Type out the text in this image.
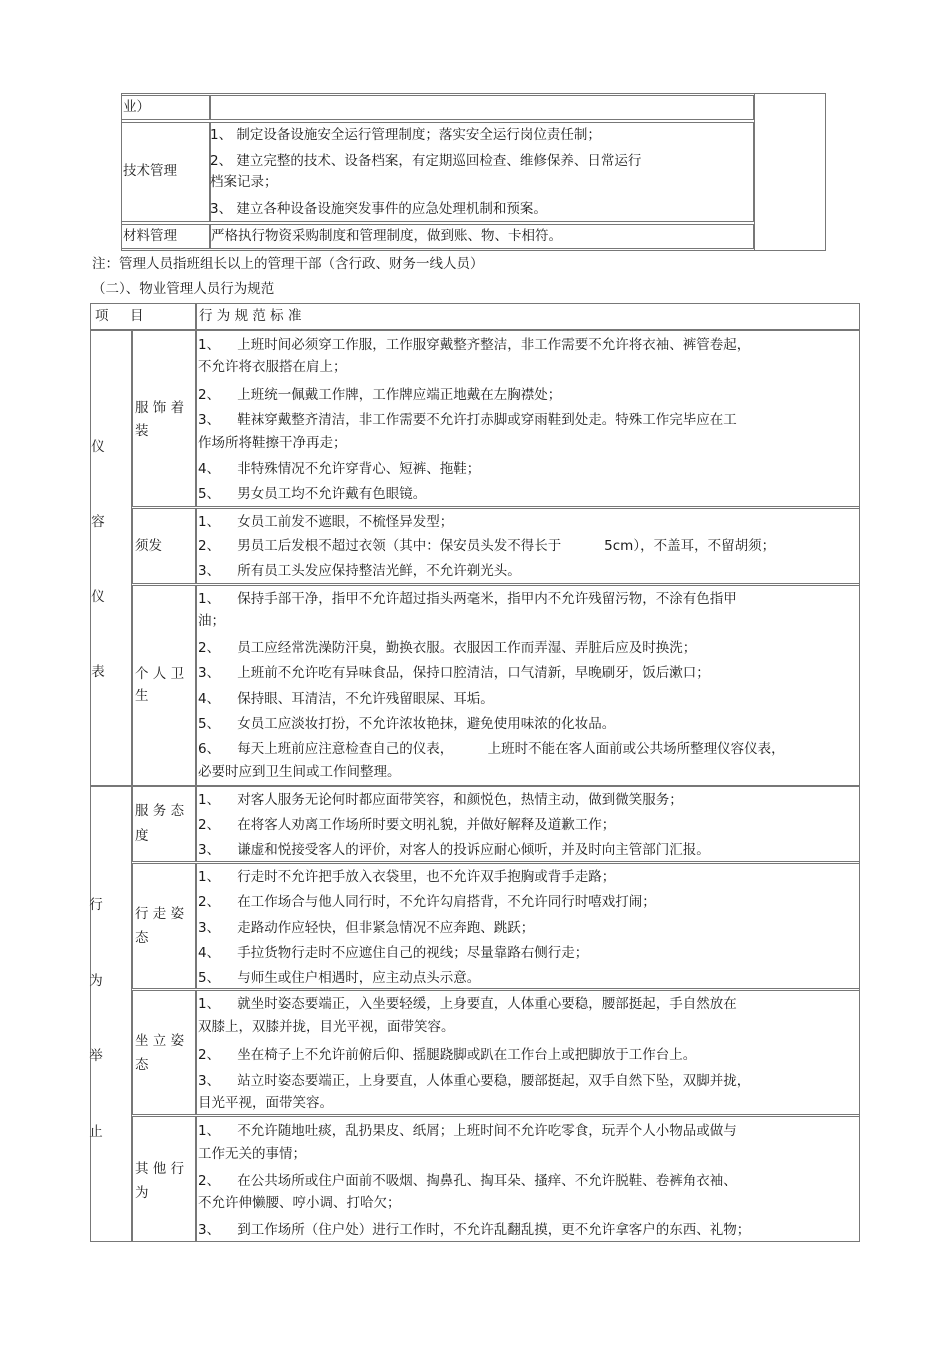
业）
技术管理
1、 制定设备设施安全运行管理制度；落实安全运行岗位责任制；
2、 建立完整的技术、设备档案，有定期巡回检查、维修保养、日常运行
档案记录；
3、 建立各种设备设施突发事件的应急处理机制和预案。
材料管理	严格执行物资采购制度和管理制度，做到账、物、卡相符。
注：管理人员指班组长以上的管理干部（含行政、财务一线人员）
（二）、物业管理人员行为规范
项     目	行 为 规 范 标 准
仪
容
仪
表
服 饰 着
装
1、    上班时间必须穿工作服，工作服穿戴整齐整洁，非工作需要不允许将衣袖、裤管卷起，
不允许将衣服搭在肩上；
2、    上班统一佩戴工作牌，工作牌应端正地戴在左胸襟处；
3、    鞋袜穿戴整齐清洁，非工作需要不允许打赤脚或穿雨鞋到处走。特殊工作完毕应在工
作场所将鞋擦干净再走；
4、    非特殊情况不允许穿背心、短裤、拖鞋；
5、    男女员工均不允许戴有色眼镜。
须发
1、    女员工前发不遮眼，不梳怪异发型；
2、    男员工后发根不超过衣领（其中：保安员头发不得长于          5cm），不盖耳，不留胡须；
3、    所有员工头发应保持整洁光鲜，不允许剃光头。
个 人 卫
生
1、    保持手部干净，指甲不允许超过指头两毫米，指甲内不允许残留污物，不涂有色指甲
油；
2、    员工应经常洗澡防汗臭，勤换衣服。衣服因工作而弄湿、弄脏后应及时换洗；
3、    上班前不允许吃有异味食品，保持口腔清洁，口气清新，早晚刷牙，饭后漱口；
4、    保持眼、耳清洁，不允许残留眼屎、耳垢。
5、    女员工应淡妆打扮，不允许浓妆艳抹，避免使用味浓的化妆品。
6、    每天上班前应注意检查自己的仪表，        上班时不能在客人面前或公共场所整理仪容仪表，
必要时应到卫生间或工作间整理。
行
为
举
止
服 务 态
度
1、    对客人服务无论何时都应面带笑容，和颜悦色，热情主动，做到微笑服务；
2、    在将客人劝离工作场所时要文明礼貌，并做好解释及道歉工作；
3、    谦虚和悦接受客人的评价，对客人的投诉应耐心倾听，并及时向主管部门汇报。
行 走 姿
态
1、    行走时不允许把手放入衣袋里，也不允许双手抱胸或背手走路；
2、    在工作场合与他人同行时，不允许勾肩搭背，不允许同行时嘻戏打闹；
3、    走路动作应轻快，但非紧急情况不应奔跑、跳跃；
4、    手拉货物行走时不应遮住自己的视线；尽量靠路右侧行走；
5、    与师生或住户相遇时，应主动点头示意。
坐 立 姿
态
1、    就坐时姿态要端正，入坐要轻缓，上身要直，人体重心要稳，腰部挺起，手自然放在
双膝上，双膝并拢，目光平视，面带笑容。
2、    坐在椅子上不允许前俯后仰、摇腿跷脚或趴在工作台上或把脚放于工作台上。
3、    站立时姿态要端正，上身要直，人体重心要稳，腰部挺起，双手自然下坠，双脚并拢，
目光平视，面带笑容。
其 他 行
为
1、    不允许随地吐痰，乱扔果皮、纸屑；上班时间不允许吃零食，玩弄个人小物品或做与
工作无关的事情；
2、    在公共场所或住户面前不吸烟、掏鼻孔、掏耳朵、搔痒、不允许脱鞋、卷裤角衣袖、
不允许伸懒腰、哼小调、打哈欠；
3、    到工作场所（住户处）进行工作时，不允许乱翻乱摸，更不允许拿客户的东西、礼物；
